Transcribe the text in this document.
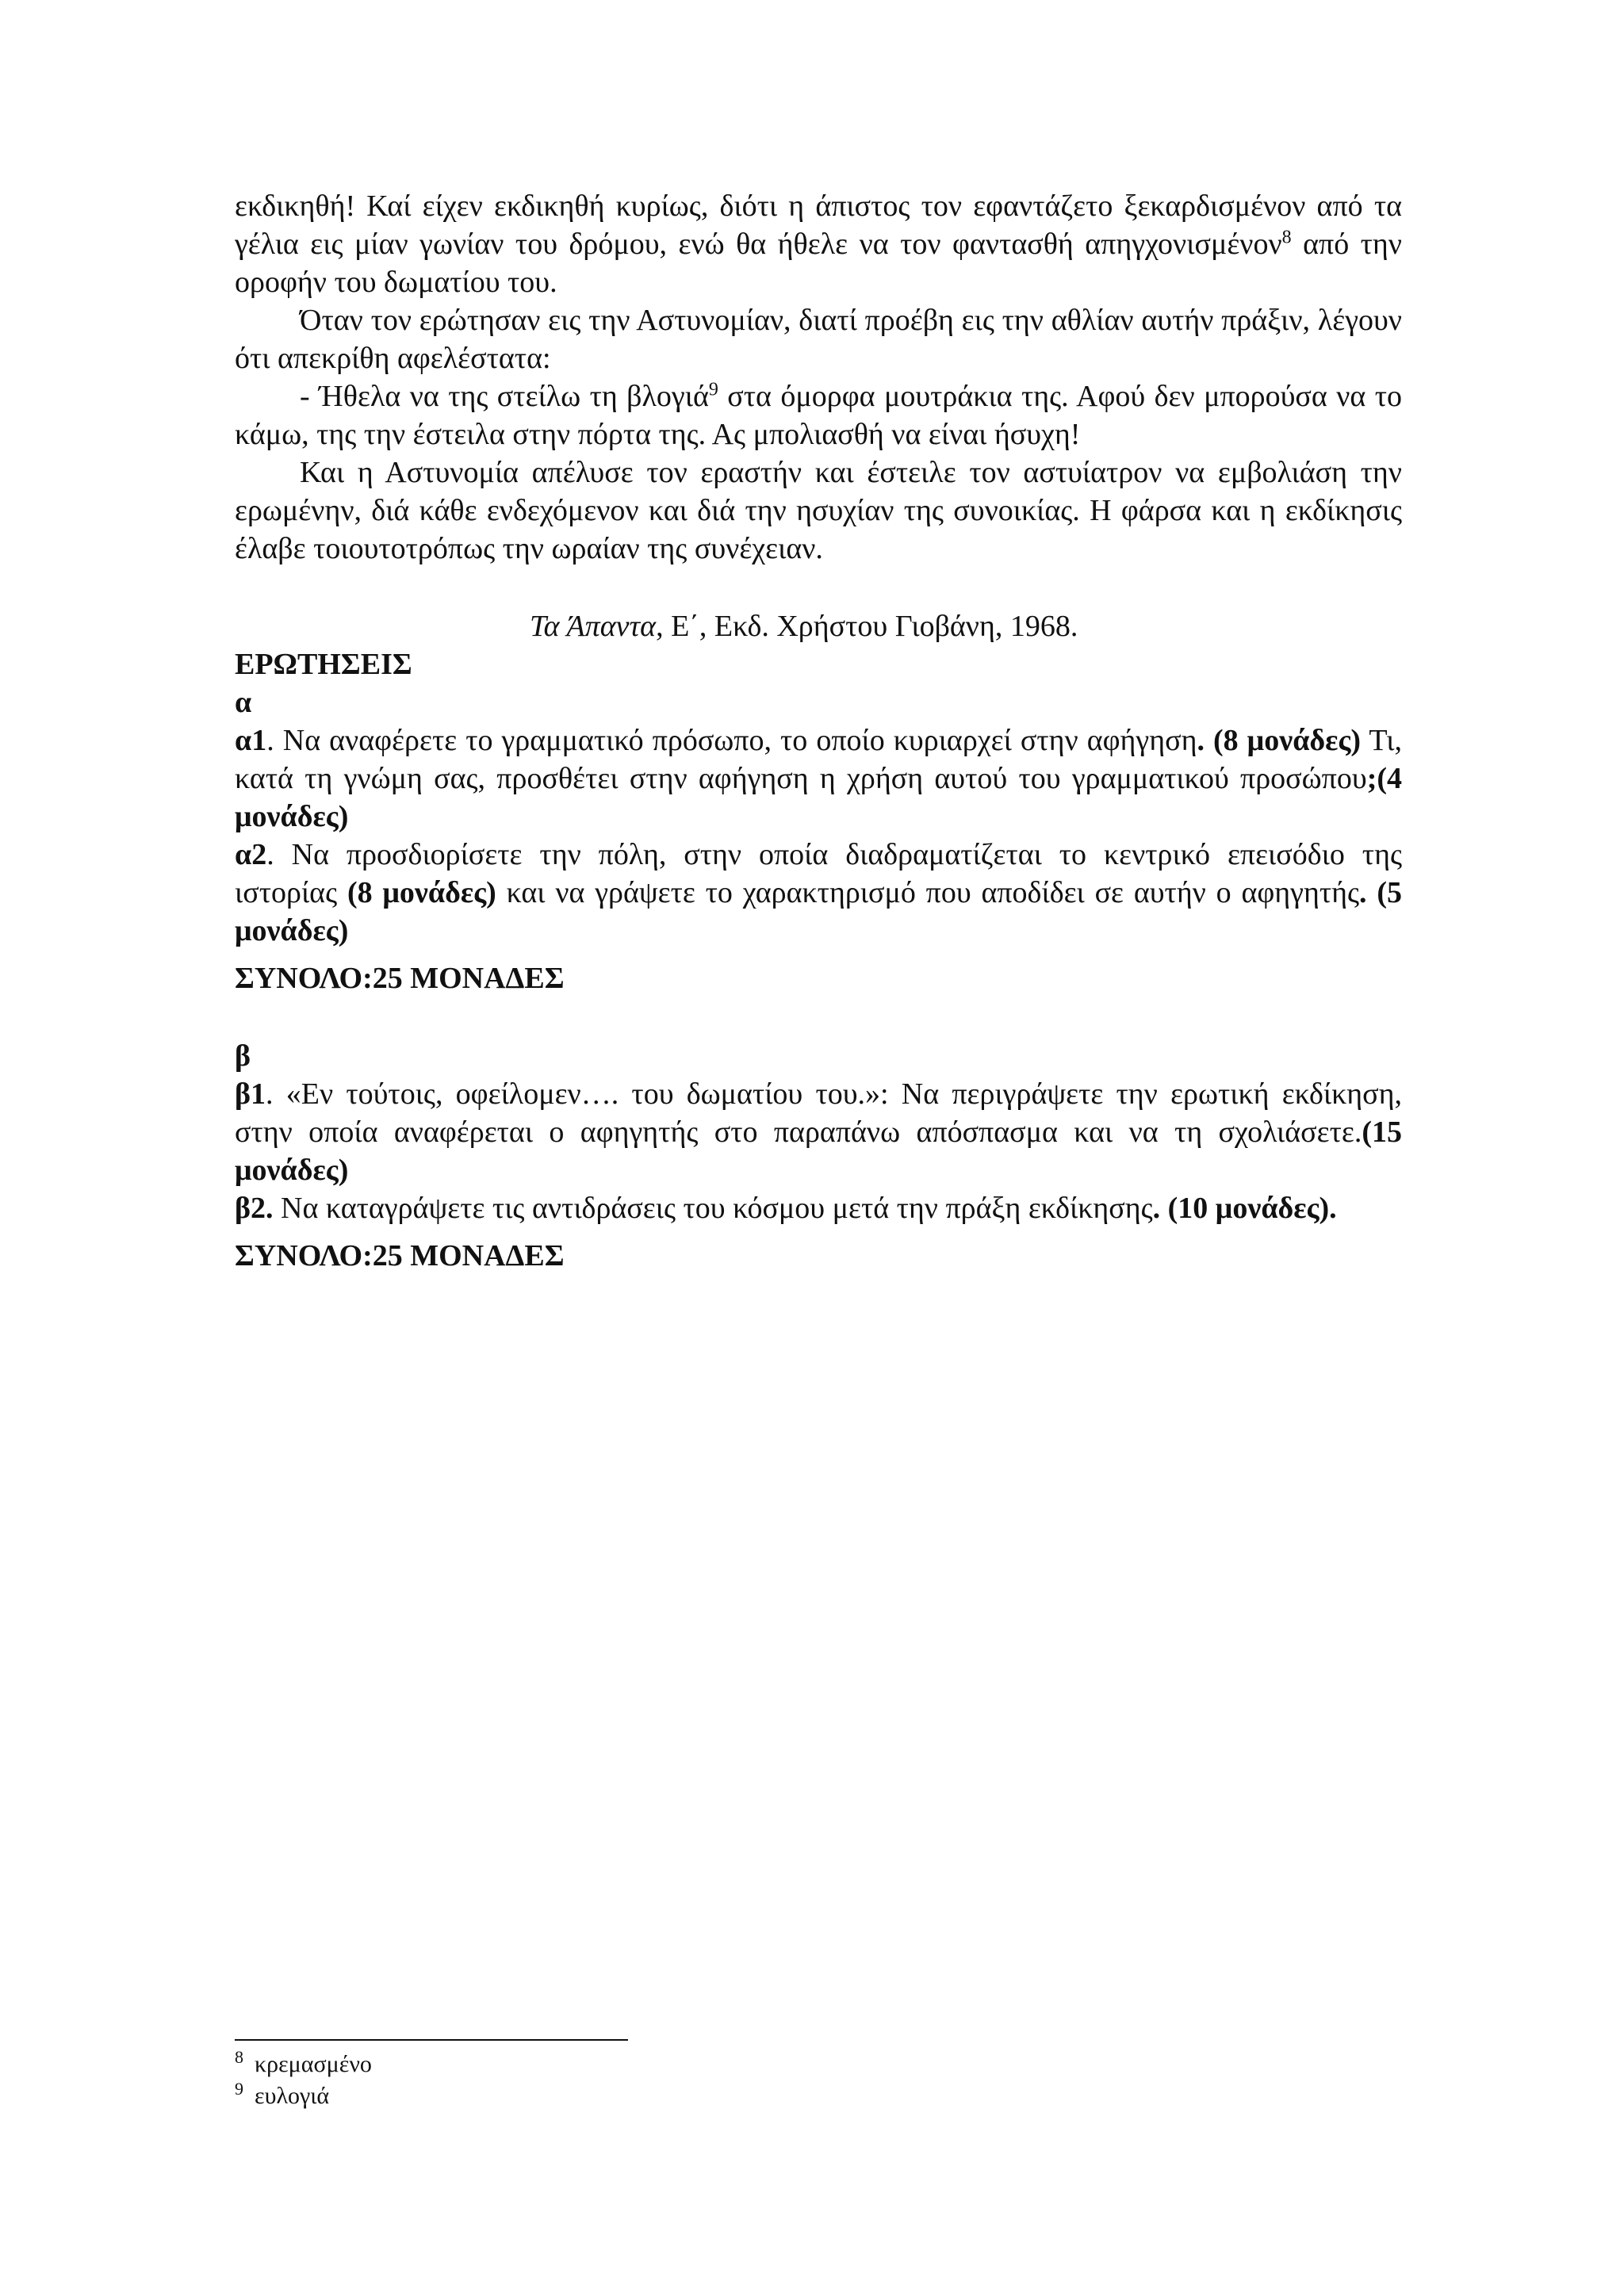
εκδικηθή! Καί είχεν εκδικηθή κυρίως, διότι η άπιστος τον εφαντάζετο ξεκαρδισμένον από τα γέλια εις μίαν γωνίαν του δρόμου, ενώ θα ήθελε να τον φαντασθή απηγχονισμένον$^8$ από την οροφήν του δωματίου του.

Όταν τον ερώτησαν εις την Αστυνομίαν, διατί προέβη εις την αθλίαν αυτήν πράξιν, λέγουν ότι απεκρίθη αφελέστατα:

- Ήθελα να της στείλω τη βλογιά$^9$ στα όμορφα μουτράκια της. Αφού δεν μπορούσα να το κάμω, της την έστειλα στην πόρτα της. Ας μπολιασθή να είναι ήσυχη!

Και η Αστυνομία απέλυσε τον εραστήν και έστειλε τον αστυίατρον να εμβολιάση την ερωμένην, διά κάθε ενδεχόμενον και διά την ησυχίαν της συνοικίας. Η φάρσα και η εκδίκησις έλαβε τοιουτοτρόπως την ωραίαν της συνέχειαν.

Τα Άπαντα, Ε΄, Εκδ. Χρήστου Γιοβάνη, 1968.

ΕΡΩΤΗΣΕΙΣ

α

α1. Να αναφέρετε το γραμματικό πρόσωπο, το οποίο κυριαρχεί στην αφήγηση. (8 μονάδες) Τι, κατά τη γνώμη σας, προσθέτει στην αφήγηση η χρήση αυτού του γραμματικού προσώπου;(4 μονάδες)

α2. Να προσδιορίσετε την πόλη, στην οποία διαδραματίζεται το κεντρικό επεισόδιο της ιστορίας (8 μονάδες) και να γράψετε το χαρακτηρισμό που αποδίδει σε αυτήν ο αφηγητής. (5 μονάδες)

ΣΥΝΟΛΟ:25 ΜΟΝΑΔΕΣ

β

β1. «Εν τούτοις, οφείλομεν…. του δωματίου του.»: Να περιγράψετε την ερωτική εκδίκηση, στην οποία αναφέρεται ο αφηγητής στο παραπάνω απόσπασμα και να τη σχολιάσετε.(15 μονάδες)

β2. Να καταγράψετε τις αντιδράσεις του κόσμου μετά την πράξη εκδίκησης. (10 μονάδες).

ΣΥΝΟΛΟ:25 ΜΟΝΑΔΕΣ

$^8$ κρεμασμένο
$^9$ ευλογιά
